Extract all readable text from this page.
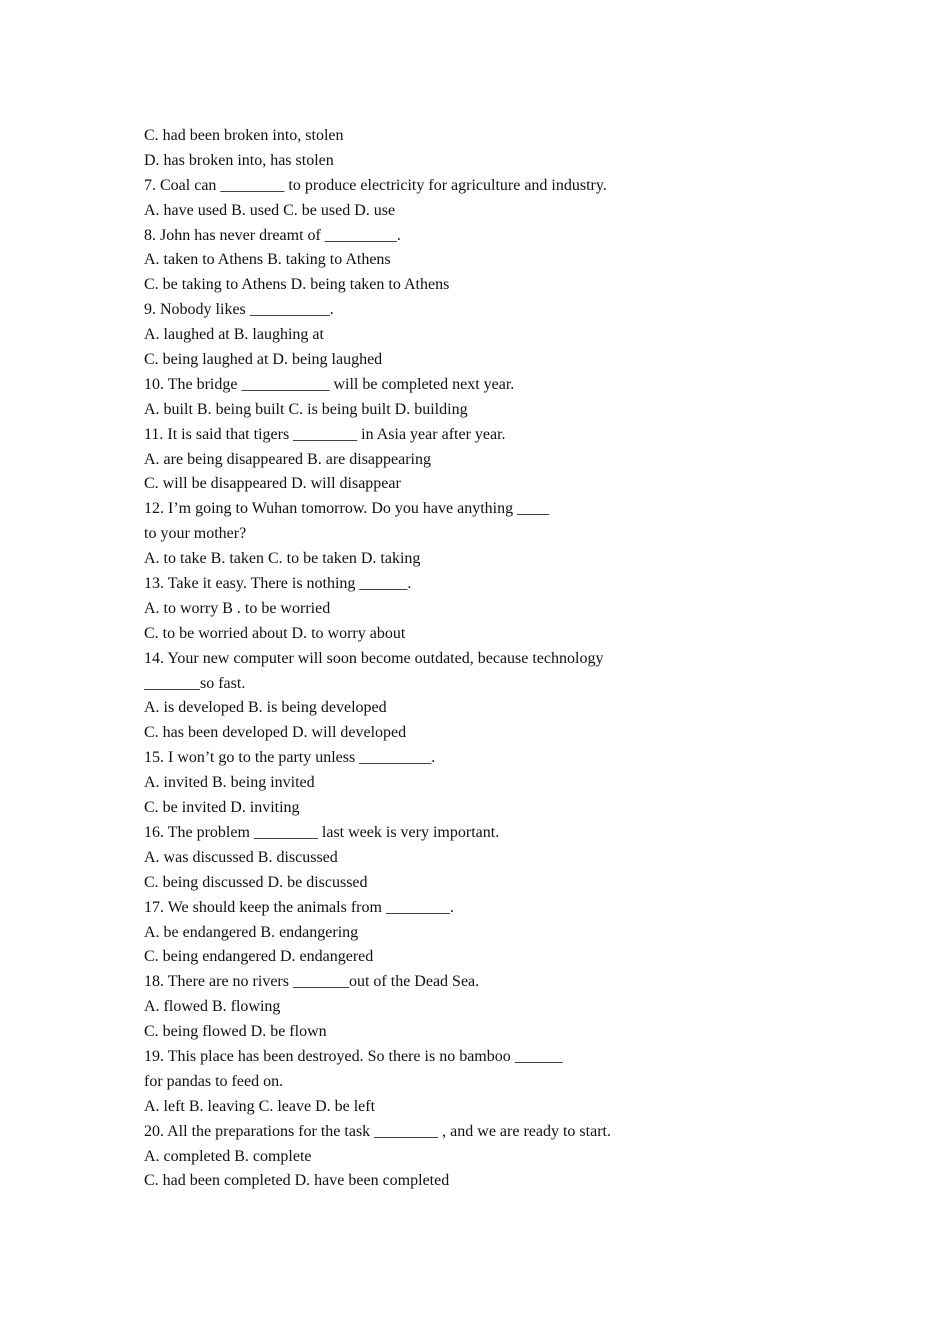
C. had been broken into, stolen
D. has broken into, has stolen
7. Coal can ________ to produce electricity for agriculture and industry.
A. have used B. used C. be used D. use
8. John has never dreamt of _________.
A. taken to Athens B. taking to Athens
C. be taking to Athens D. being taken to Athens
9. Nobody likes __________.
A. laughed at B. laughing at
C. being laughed at D. being laughed
10. The bridge ___________ will be completed next year.
A. built B. being built C. is being built D. building
11. It is said that tigers ________ in Asia year after year.
A. are being disappeared B. are disappearing
C. will be disappeared D. will disappear
12. I’m going to Wuhan tomorrow. Do you have anything ____
to your mother?
A. to take B. taken C. to be taken D. taking
13. Take it easy. There is nothing ______.
A. to worry B . to be worried
C. to be worried about D. to worry about
14. Your new computer will soon become outdated, because technology
_______so fast.
A. is developed B. is being developed
C. has been developed D. will developed
15. I won’t go to the party unless _________.
A. invited B. being invited
C. be invited D. inviting
16. The problem ________ last week is very important.
A. was discussed B. discussed
C. being discussed D. be discussed
17. We should keep the animals from ________.
A. be endangered B. endangering
C. being endangered D. endangered
18. There are no rivers _______out of the Dead Sea.
A. flowed B. flowing
C. being flowed D. be flown
19. This place has been destroyed. So there is no bamboo ______
for pandas to feed on.
A. left B. leaving C. leave D. be left
20. All the preparations for the task ________ , and we are ready to start.
A. completed B. complete
C. had been completed D. have been completed
